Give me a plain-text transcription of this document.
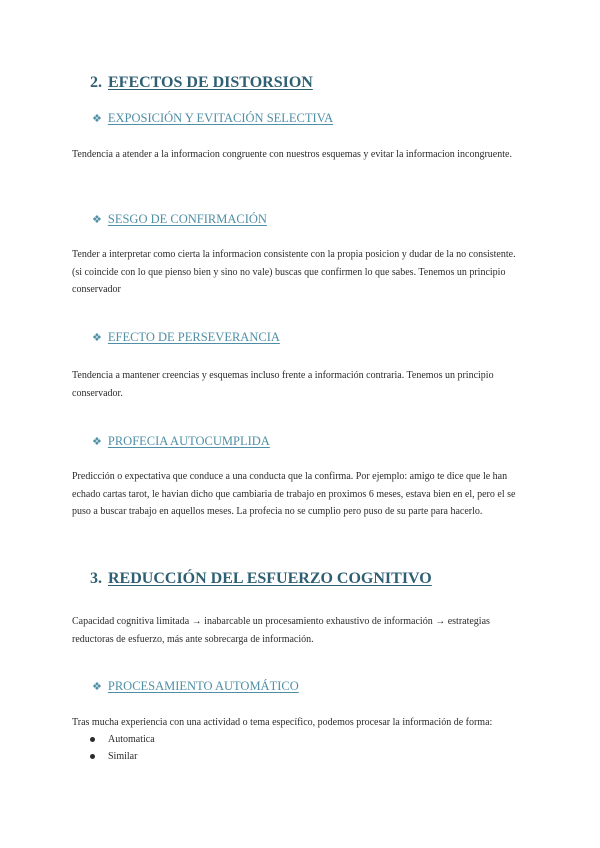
2. EFECTOS DE DISTORSION
❖ EXPOSICIÓN Y EVITACIÓN SELECTIVA

Tendencia a atender a la informacion congruente con nuestros esquemas y evitar la informacion incongruente.

❖ SESGO DE CONFIRMACIÓN

Tender a interpretar como cierta la informacion consistente con la propia posicion y dudar de la no consistente. (si coincide con lo que pienso bien y sino no vale) buscas que confirmen lo que sabes. Tenemos un principio conservador

❖ EFECTO DE PERSEVERANCIA

Tendencia a mantener creencias y esquemas incluso frente a información contraria. Tenemos un principio conservador.

❖ PROFECIA AUTOCUMPLIDA

Predicción o expectativa que conduce a una conducta que la confirma. Por ejemplo: amigo te dice que le han echado cartas tarot, le havian dicho que cambiaria de trabajo en proximos 6 meses, estava bien en el, pero el se puso a buscar trabajo en aquellos meses. La profecia no se cumplio pero puso de su parte para hacerlo.

3. REDUCCIÓN DEL ESFUERZO COGNITIVO

Capacidad cognitiva limitada → inabarcable un procesamiento exhaustivo de información → estrategias reductoras de esfuerzo, más ante sobrecarga de información.

❖ PROCESAMIENTO AUTOMÁTICO

Tras mucha experiencia con una actividad o tema específico, podemos procesar la información de forma:

Automatica
Similar
